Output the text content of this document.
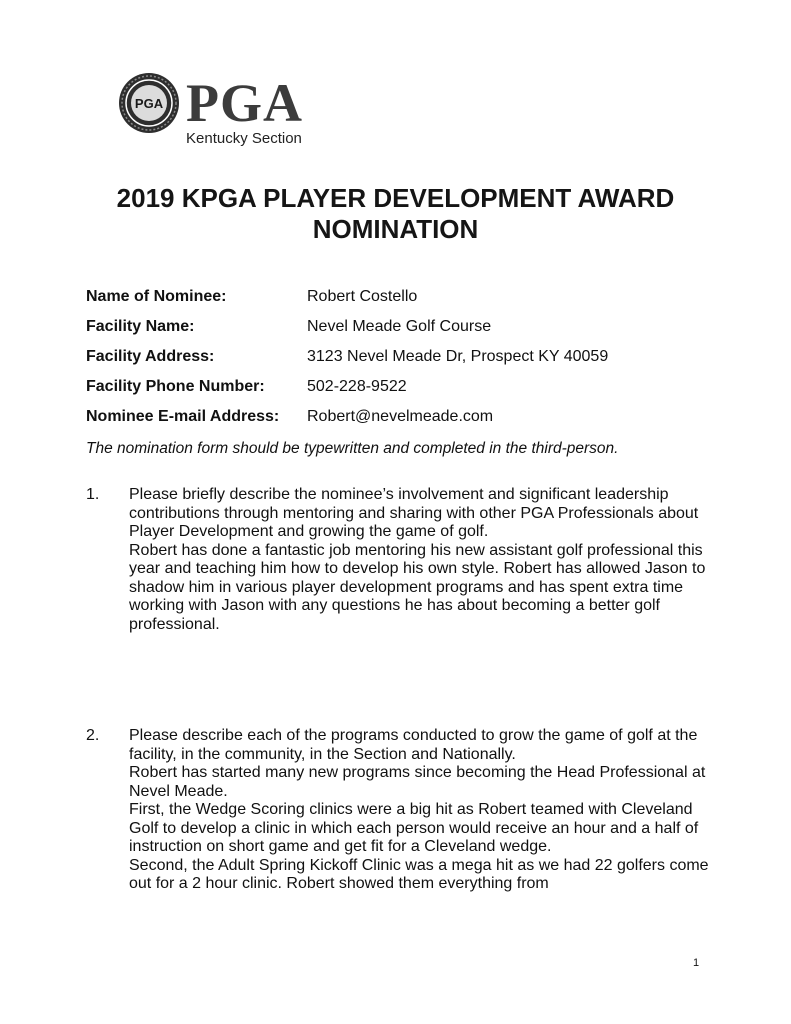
PGA PGA
Kentucky Section
2019 KPGA PLAYER DEVELOPMENT AWARD
NOMINATION
Name of Nominee:	Robert Costello
Facility Name:	Nevel Meade Golf Course
Facility Address:	3123 Nevel Meade Dr, Prospect KY 40059
Facility Phone Number:	502-228-9522
Nominee E-mail Address: Robert@nevelmeade.com
The nomination form should be typewritten and completed in the third-person.
1. Please briefly describe the nominee’s involvement and significant leadership contributions through mentoring and sharing with other PGA Professionals about Player Development and growing the game of golf.

Robert has done a fantastic job mentoring his new assistant golf professional this year and teaching him how to develop his own style. Robert has allowed Jason to shadow him in various player development programs and has spent extra time working with Jason with any questions he has about becoming a better golf professional.

2. Please describe each of the programs conducted to grow the game of golf at the facility, in the community, in the Section and Nationally.

Robert has started many new programs since becoming the Head Professional at Nevel Meade.

First, the Wedge Scoring clinics were a big hit as Robert teamed with Cleveland Golf to develop a clinic in which each person would receive an hour and a half of instruction on short game and get fit for a Cleveland wedge.

Second, the Adult Spring Kickoff Clinic was a mega hit as we had 22 golfers come out for a 2 hour clinic. Robert showed them everything from

1
